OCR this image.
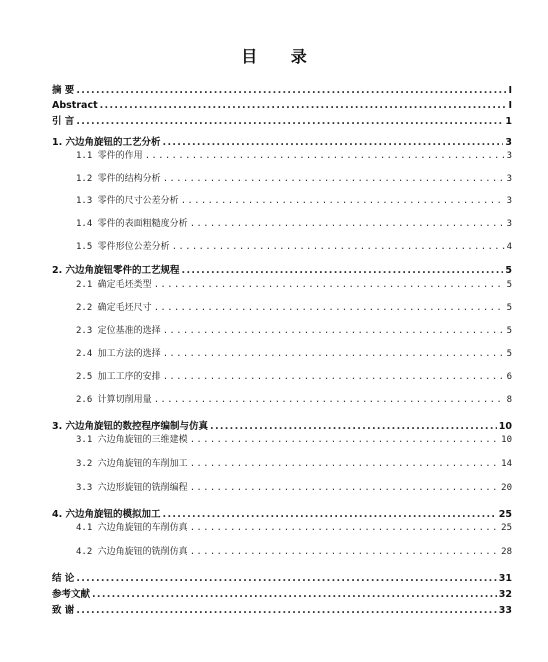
目 录
摘 要 .....	I
Abstract .....	I
引 言 .....	1
1. 六边角旋钮的工艺分析 .....	3
1.1 零件的作用 .....	3
1.2 零件的结构分析 .....	3
1.3 零件的尺寸公差分析 .....	3
1.4 零件的表面粗糙度分析 .....	3
1.5 零件形位公差分析 .....	4
2. 六边角旋钮零件的工艺规程 .....	5
2.1 确定毛坯类型 .....	5
2.2 确定毛坯尺寸 .....	5
2.3 定位基准的选择 .....	5
2.4 加工方法的选择 .....	5
2.5 加工工序的安排 .....	6
2.6 计算切削用量 .....	8
3. 六边角旋钮的数控程序编制与仿真 .....	10
3.1 六边角旋钮的三维建模 .....	10
3.2 六边角旋钮的车削加工 .....	14
3.3 六边形旋钮的铣削编程 .....	20
4. 六边角旋钮的模拟加工 .....	25
4.1 六边角旋钮的车削仿真 .....	25
4.2 六边角旋钮的铣削仿真 .....	28
结 论 .....	31
参考文献 .....	32
致 谢 .....	33
